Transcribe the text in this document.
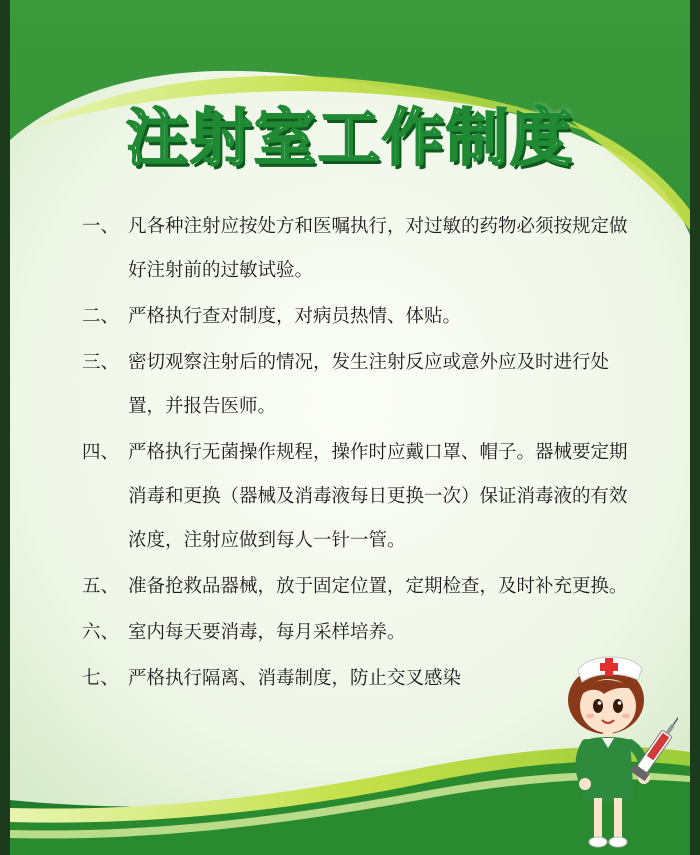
注射室工作制度
一、 凡各种注射应按处方和医嘱执行，对过敏的药物必须按规定做好注射前的过敏试验。
二、 严格执行查对制度，对病员热情、体贴。
三、 密切观察注射后的情况，发生注射反应或意外应及时进行处置，并报告医师。
四、 严格执行无菌操作规程，操作时应戴口罩、帽子。器械要定期消毒和更换（器械及消毒液每日更换一次）保证消毒液的有效浓度，注射应做到每人一针一管。
五、 准备抢救品器械，放于固定位置，定期检查，及时补充更换。
六、 室内每天要消毒，每月采样培养。
七、 严格执行隔离、消毒制度，防止交叉感染
